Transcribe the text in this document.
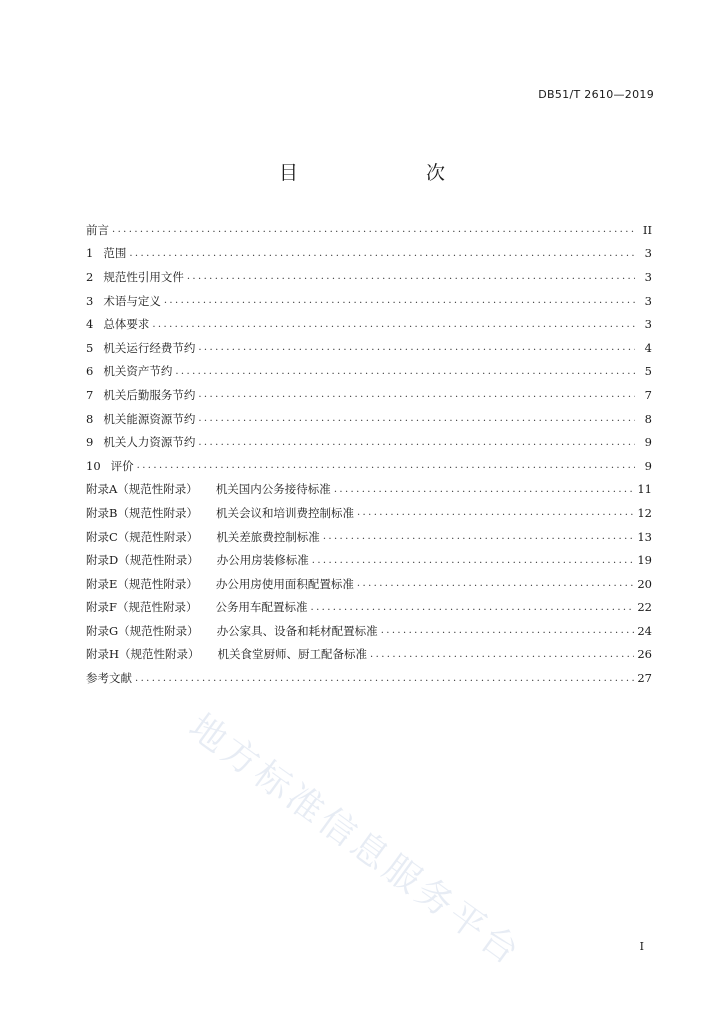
DB51/T 2610—2019
目　　次
前言 .....	II
1 范围 .....	3
2 规范性引用文件 .....	3
3 术语与定义 .....	3
4 总体要求 .....	3
5 机关运行经费节约 .....	4
6 机关资产节约 .....	5
7 机关后勤服务节约 .....	7
8 机关能源资源节约 .....	8
9 机关人力资源节约 .....	9
10 评价 .....	9
附录A（规范性附录） 机关国内公务接待标准 .....	11
附录B（规范性附录） 机关会议和培训费控制标准 .....	12
附录C（规范性附录） 机关差旅费控制标准 .....	13
附录D（规范性附录） 办公用房装修标准 .....	19
附录E（规范性附录） 办公用房使用面积配置标准 .....	20
附录F（规范性附录） 公务用车配置标准 .....	22
附录G（规范性附录） 办公家具、设备和耗材配置标准 .....	24
附录H（规范性附录） 机关食堂厨师、厨工配备标准 .....	26
参考文献 .....	27
地方标准信息服务平台	I
